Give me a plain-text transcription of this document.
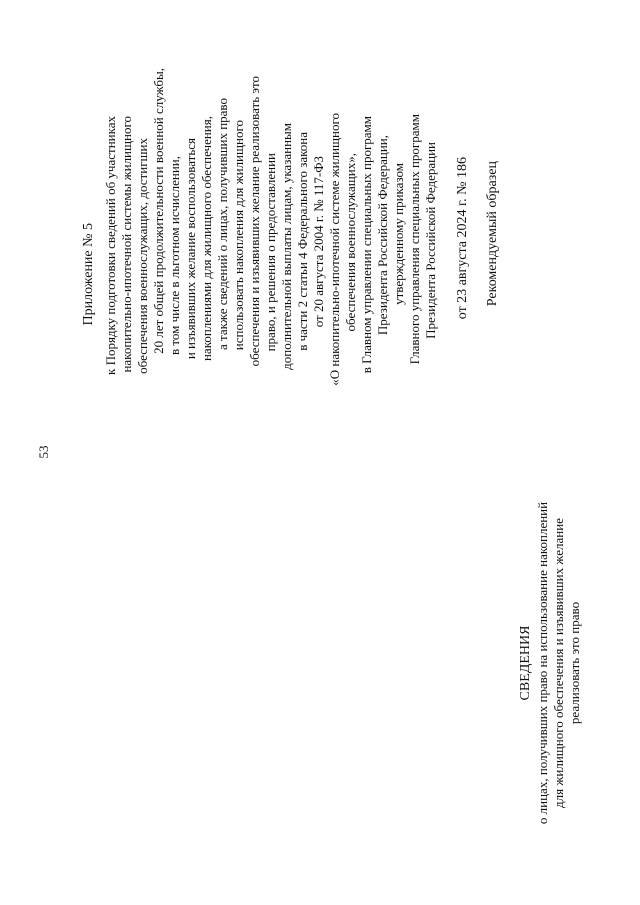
53
Приложение № 5 к Порядку подготовки сведений об участниках накопительно-ипотечной системы жилищного обеспечения военнослужащих, достигших 20 лет общей продолжительности военной службы, в том числе в льготном исчислении, и изъявивших желание воспользоваться накоплениями для жилищного обеспечения, а также сведений о лицах, получивших право использовать накопления для жилищного обеспечения и изъявивших желание реализовать это право, и решения о предоставлении дополнительной выплаты лицам, указанным в части 2 статьи 4 Федерального закона от 20 августа 2004 г. № 117-ФЗ «О накопительно-ипотечной системе жилищного обеспечения военнослужащих», в Главном управлении специальных программ Президента Российской Федерации, утвержденному приказом Главного управления специальных программ Президента Российской Федерации от 23 августа 2024 г. № 186 Рекомендуемый образец
СВЕДЕНИЯ о лицах, получивших право на использование накоплений для жилищного обеспечения и изъявивших желание реализовать это право
